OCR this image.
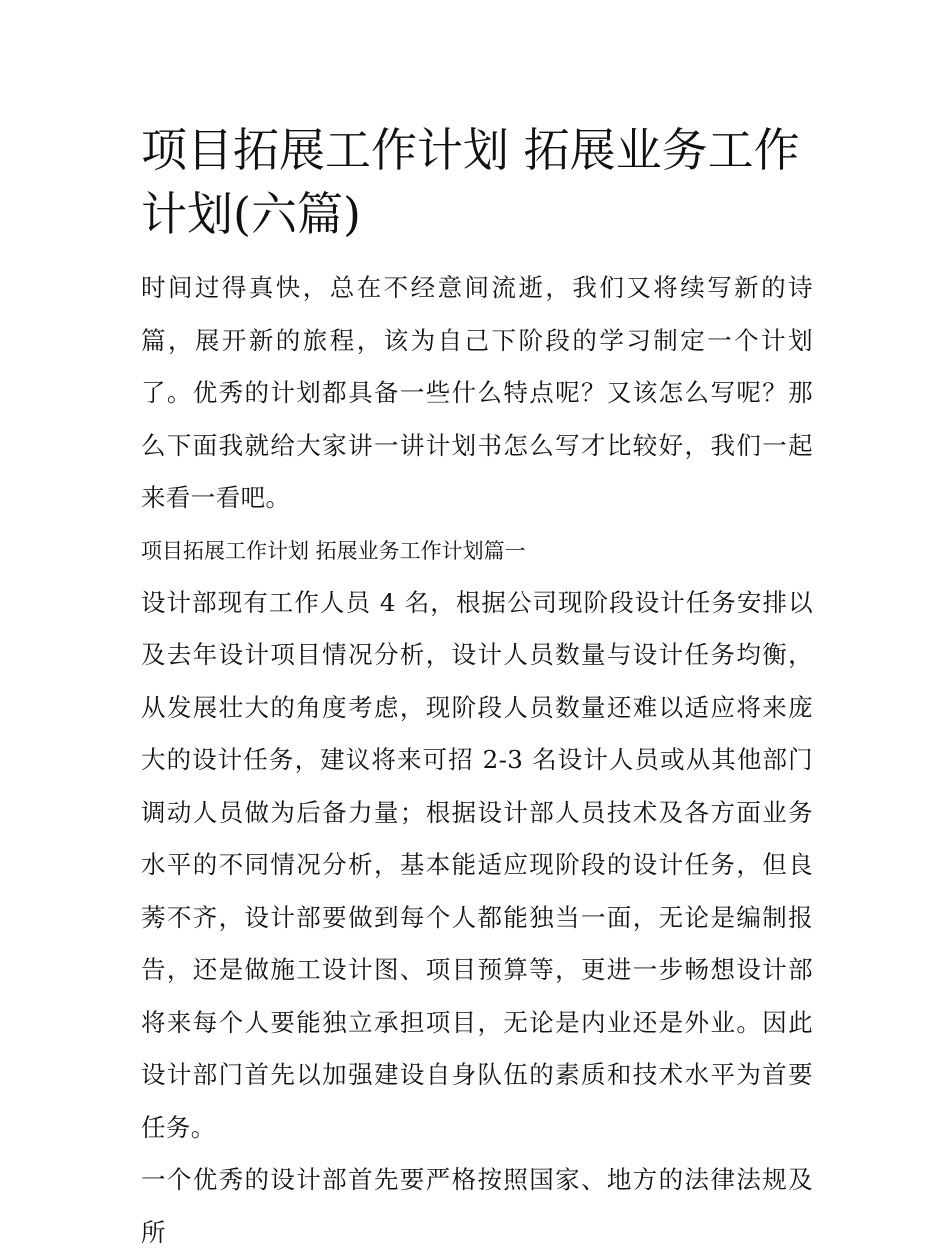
项目拓展工作计划 拓展业务工作计划(六篇)

时间过得真快，总在不经意间流逝，我们又将续写新的诗篇，展开新的旅程，该为自己下阶段的学习制定一个计划了。优秀的计划都具备一些什么特点呢？又该怎么写呢？那么下面我就给大家讲一讲计划书怎么写才比较好，我们一起来看一看吧。

项目拓展工作计划 拓展业务工作计划篇一

设计部现有工作人员 4 名，根据公司现阶段设计任务安排以及去年设计项目情况分析，设计人员数量与设计任务均衡，从发展壮大的角度考虑，现阶段人员数量还难以适应将来庞大的设计任务，建议将来可招 2-3 名设计人员或从其他部门调动人员做为后备力量；根据设计部人员技术及各方面业务水平的不同情况分析，基本能适应现阶段的设计任务，但良莠不齐，设计部要做到每个人都能独当一面，无论是编制报告，还是做施工设计图、项目预算等，更进一步畅想设计部将来每个人要能独立承担项目，无论是内业还是外业。因此设计部门首先以加强建设自身队伍的素质和技术水平为首要任务。

一个优秀的设计部首先要严格按照国家、地方的法律法规及所
